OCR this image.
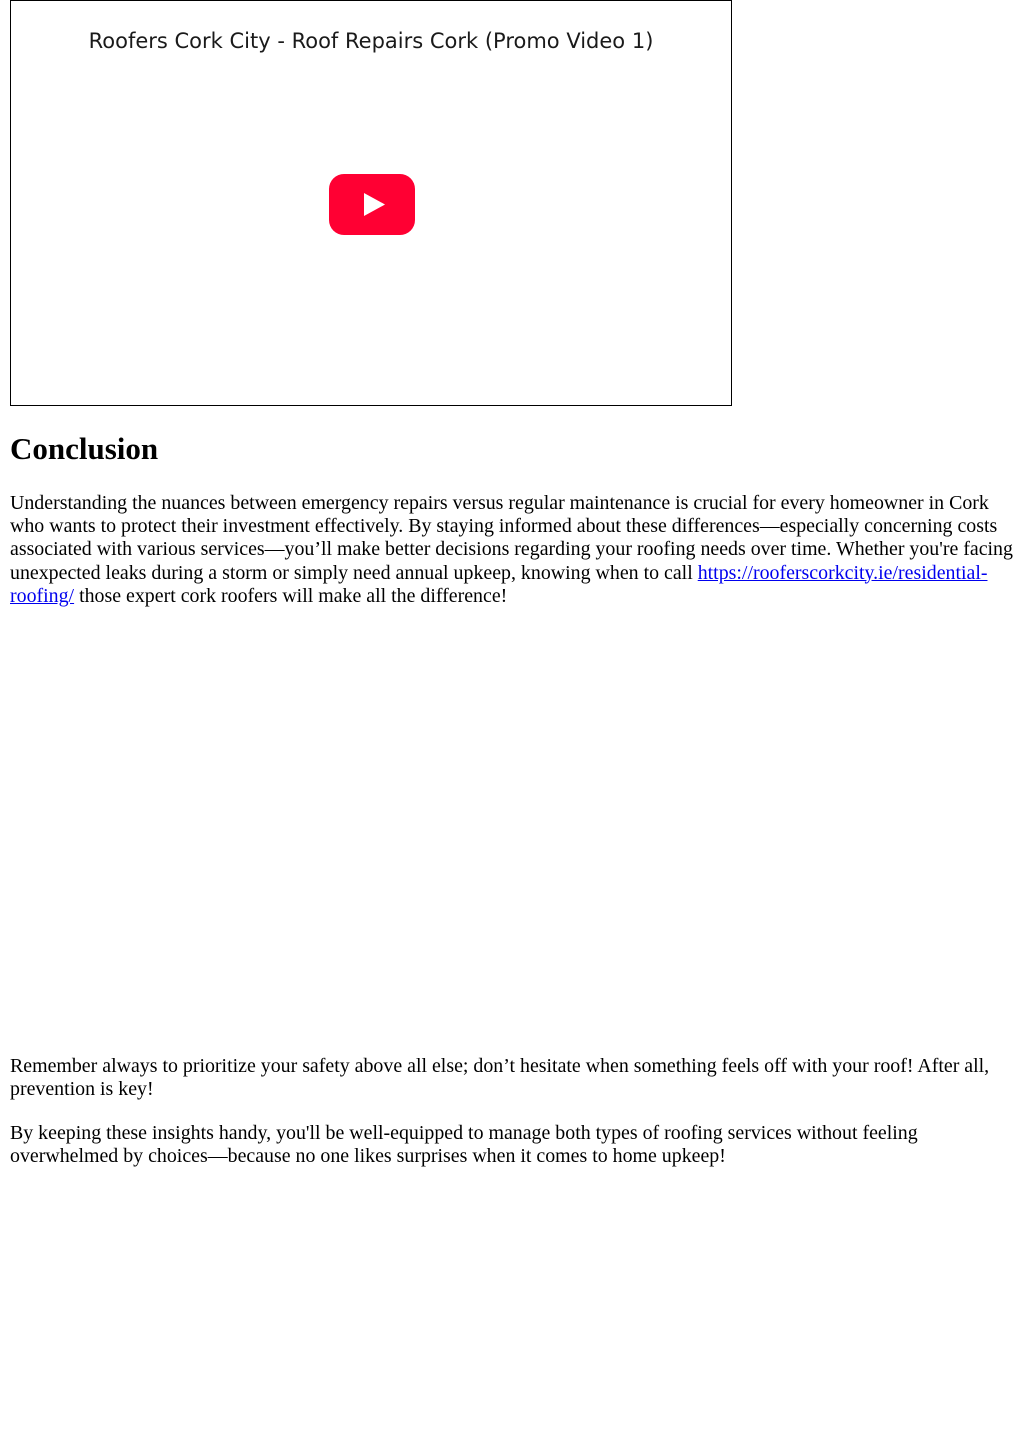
Roofers Cork City - Roof Repairs Cork (Promo Video 1)
Conclusion

Understanding the nuances between emergency repairs versus regular maintenance is crucial for every homeowner in Cork who wants to protect their investment effectively. By staying informed about these differences—especially concerning costs associated with various services—you’ll make better decisions regarding your roofing needs over time. Whether you're facing unexpected leaks during a storm or simply need annual upkeep, knowing when to call https://rooferscorkcity.ie/residential-roofing/ those expert cork roofers will make all the difference!

Remember always to prioritize your safety above all else; don’t hesitate when something feels off with your roof! After all, prevention is key!

By keeping these insights handy, you'll be well-equipped to manage both types of roofing services without feeling overwhelmed by choices—because no one likes surprises when it comes to home upkeep!
